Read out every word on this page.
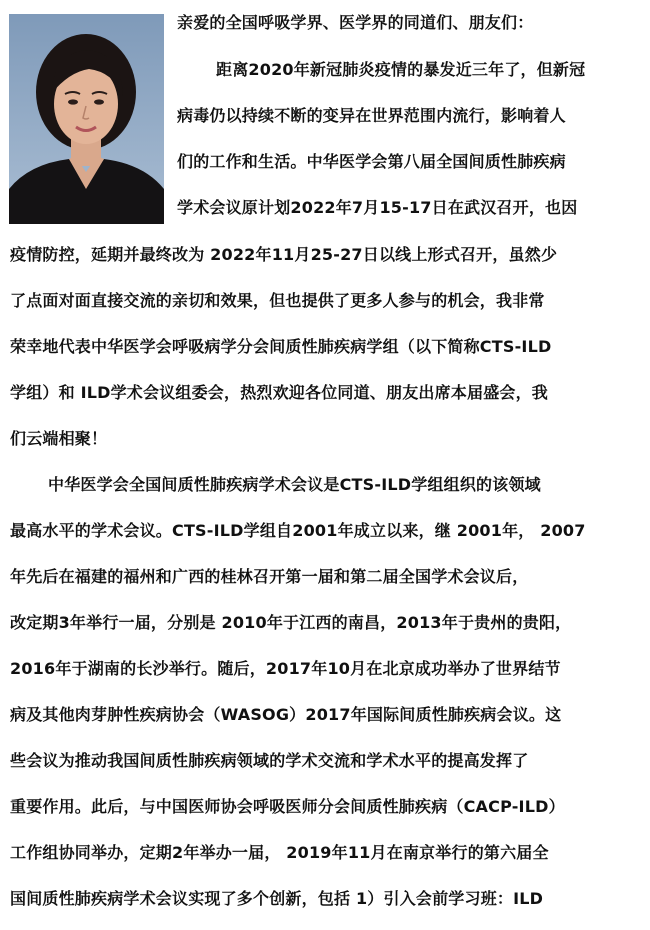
亲爱的全国呼吸学界、医学界的同道们、朋友们：
距离2020年新冠肺炎疫情的暴发近三年了，但新冠
病毒仍以持续不断的变异在世界范围内流行，影响着人
们的工作和生活。中华医学会第八届全国间质性肺疾病
学术会议原计划2022年7月15-17日在武汉召开，也因
疫情防控，延期并最终改为 2022年11月25-27日以线上形式召开，虽然少
了点面对面直接交流的亲切和效果，但也提供了更多人参与的机会，我非常
荣幸地代表中华医学会呼吸病学分会间质性肺疾病学组（以下简称CTS-ILD
学组）和 ILD学术会议组委会，热烈欢迎各位同道、朋友出席本届盛会，我
们云端相聚！
中华医学会全国间质性肺疾病学术会议是CTS-ILD学组组织的该领域
最高水平的学术会议。CTS-ILD学组自2001年成立以来，继 2001年， 2007
年先后在福建的福州和广西的桂林召开第一届和第二届全国学术会议后，
改定期3年举行一届，分别是 2010年于江西的南昌，2013年于贵州的贵阳，
2016年于湖南的长沙举行。随后，2017年10月在北京成功举办了世界结节
病及其他肉芽肿性疾病协会（WASOG）2017年国际间质性肺疾病会议。这
些会议为推动我国间质性肺疾病领域的学术交流和学术水平的提高发挥了
重要作用。此后，与中国医师协会呼吸医师分会间质性肺疾病（CACP-ILD）
工作组协同举办，定期2年举办一届， 2019年11月在南京举行的第六届全
国间质性肺疾病学术会议实现了多个创新，包括 1）引入会前学习班：ILD
